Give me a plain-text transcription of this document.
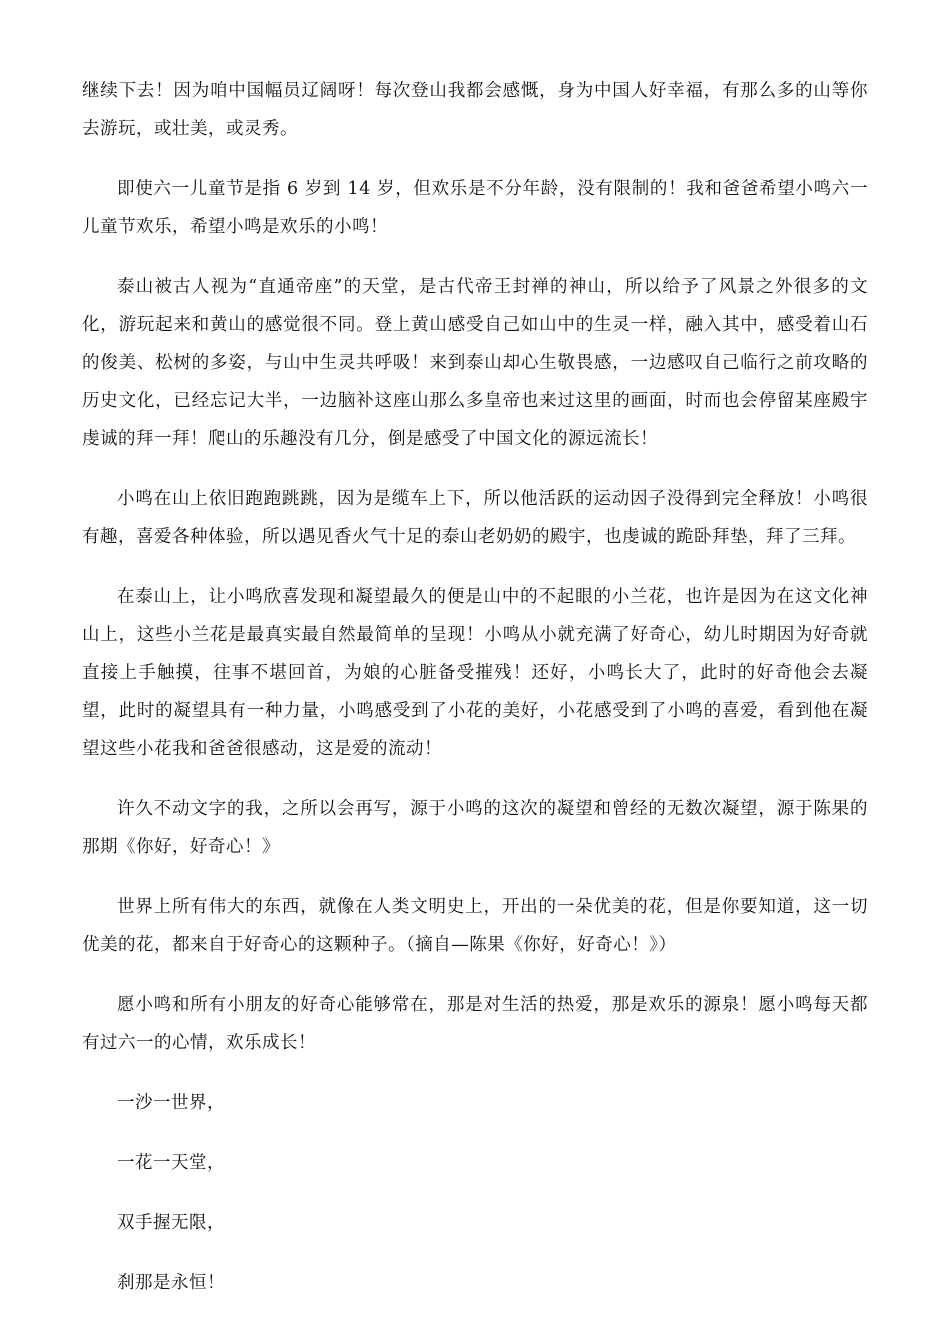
继续下去！因为咱中国幅员辽阔呀！每次登山我都会感慨，身为中国人好幸福，有那么多的山等你去游玩，或壮美，或灵秀。

即使六一儿童节是指 6 岁到 14 岁，但欢乐是不分年龄，没有限制的！我和爸爸希望小鸣六一儿童节欢乐，希望小鸣是欢乐的小鸣！

泰山被古人视为“直通帝座”的天堂，是古代帝王封禅的神山，所以给予了风景之外很多的文化，游玩起来和黄山的感觉很不同。登上黄山感受自己如山中的生灵一样，融入其中，感受着山石的俊美、松树的多姿，与山中生灵共呼吸！来到泰山却心生敬畏感，一边感叹自己临行之前攻略的历史文化，已经忘记大半，一边脑补这座山那么多皇帝也来过这里的画面，时而也会停留某座殿宇虔诚的拜一拜！爬山的乐趣没有几分，倒是感受了中国文化的源远流长！

小鸣在山上依旧跑跑跳跳，因为是缆车上下，所以他活跃的运动因子没得到完全释放！小鸣很有趣，喜爱各种体验，所以遇见香火气十足的泰山老奶奶的殿宇，也虔诚的跪卧拜垫，拜了三拜。

在泰山上，让小鸣欣喜发现和凝望最久的便是山中的不起眼的小兰花，也许是因为在这文化神山上，这些小兰花是最真实最自然最简单的呈现！小鸣从小就充满了好奇心，幼儿时期因为好奇就直接上手触摸，往事不堪回首，为娘的心脏备受摧残！还好，小鸣长大了，此时的好奇他会去凝望，此时的凝望具有一种力量，小鸣感受到了小花的美好，小花感受到了小鸣的喜爱，看到他在凝望这些小花我和爸爸很感动，这是爱的流动！

许久不动文字的我，之所以会再写，源于小鸣的这次的凝望和曾经的无数次凝望，源于陈果的那期《你好，好奇心！》

世界上所有伟大的东西，就像在人类文明史上，开出的一朵优美的花，但是你要知道，这一切优美的花，都来自于好奇心的这颗种子。（摘自—陈果《你好，好奇心！》）

愿小鸣和所有小朋友的好奇心能够常在，那是对生活的热爱，那是欢乐的源泉！愿小鸣每天都有过六一的心情，欢乐成长！

一沙一世界，

一花一天堂，

双手握无限，

刹那是永恒！
